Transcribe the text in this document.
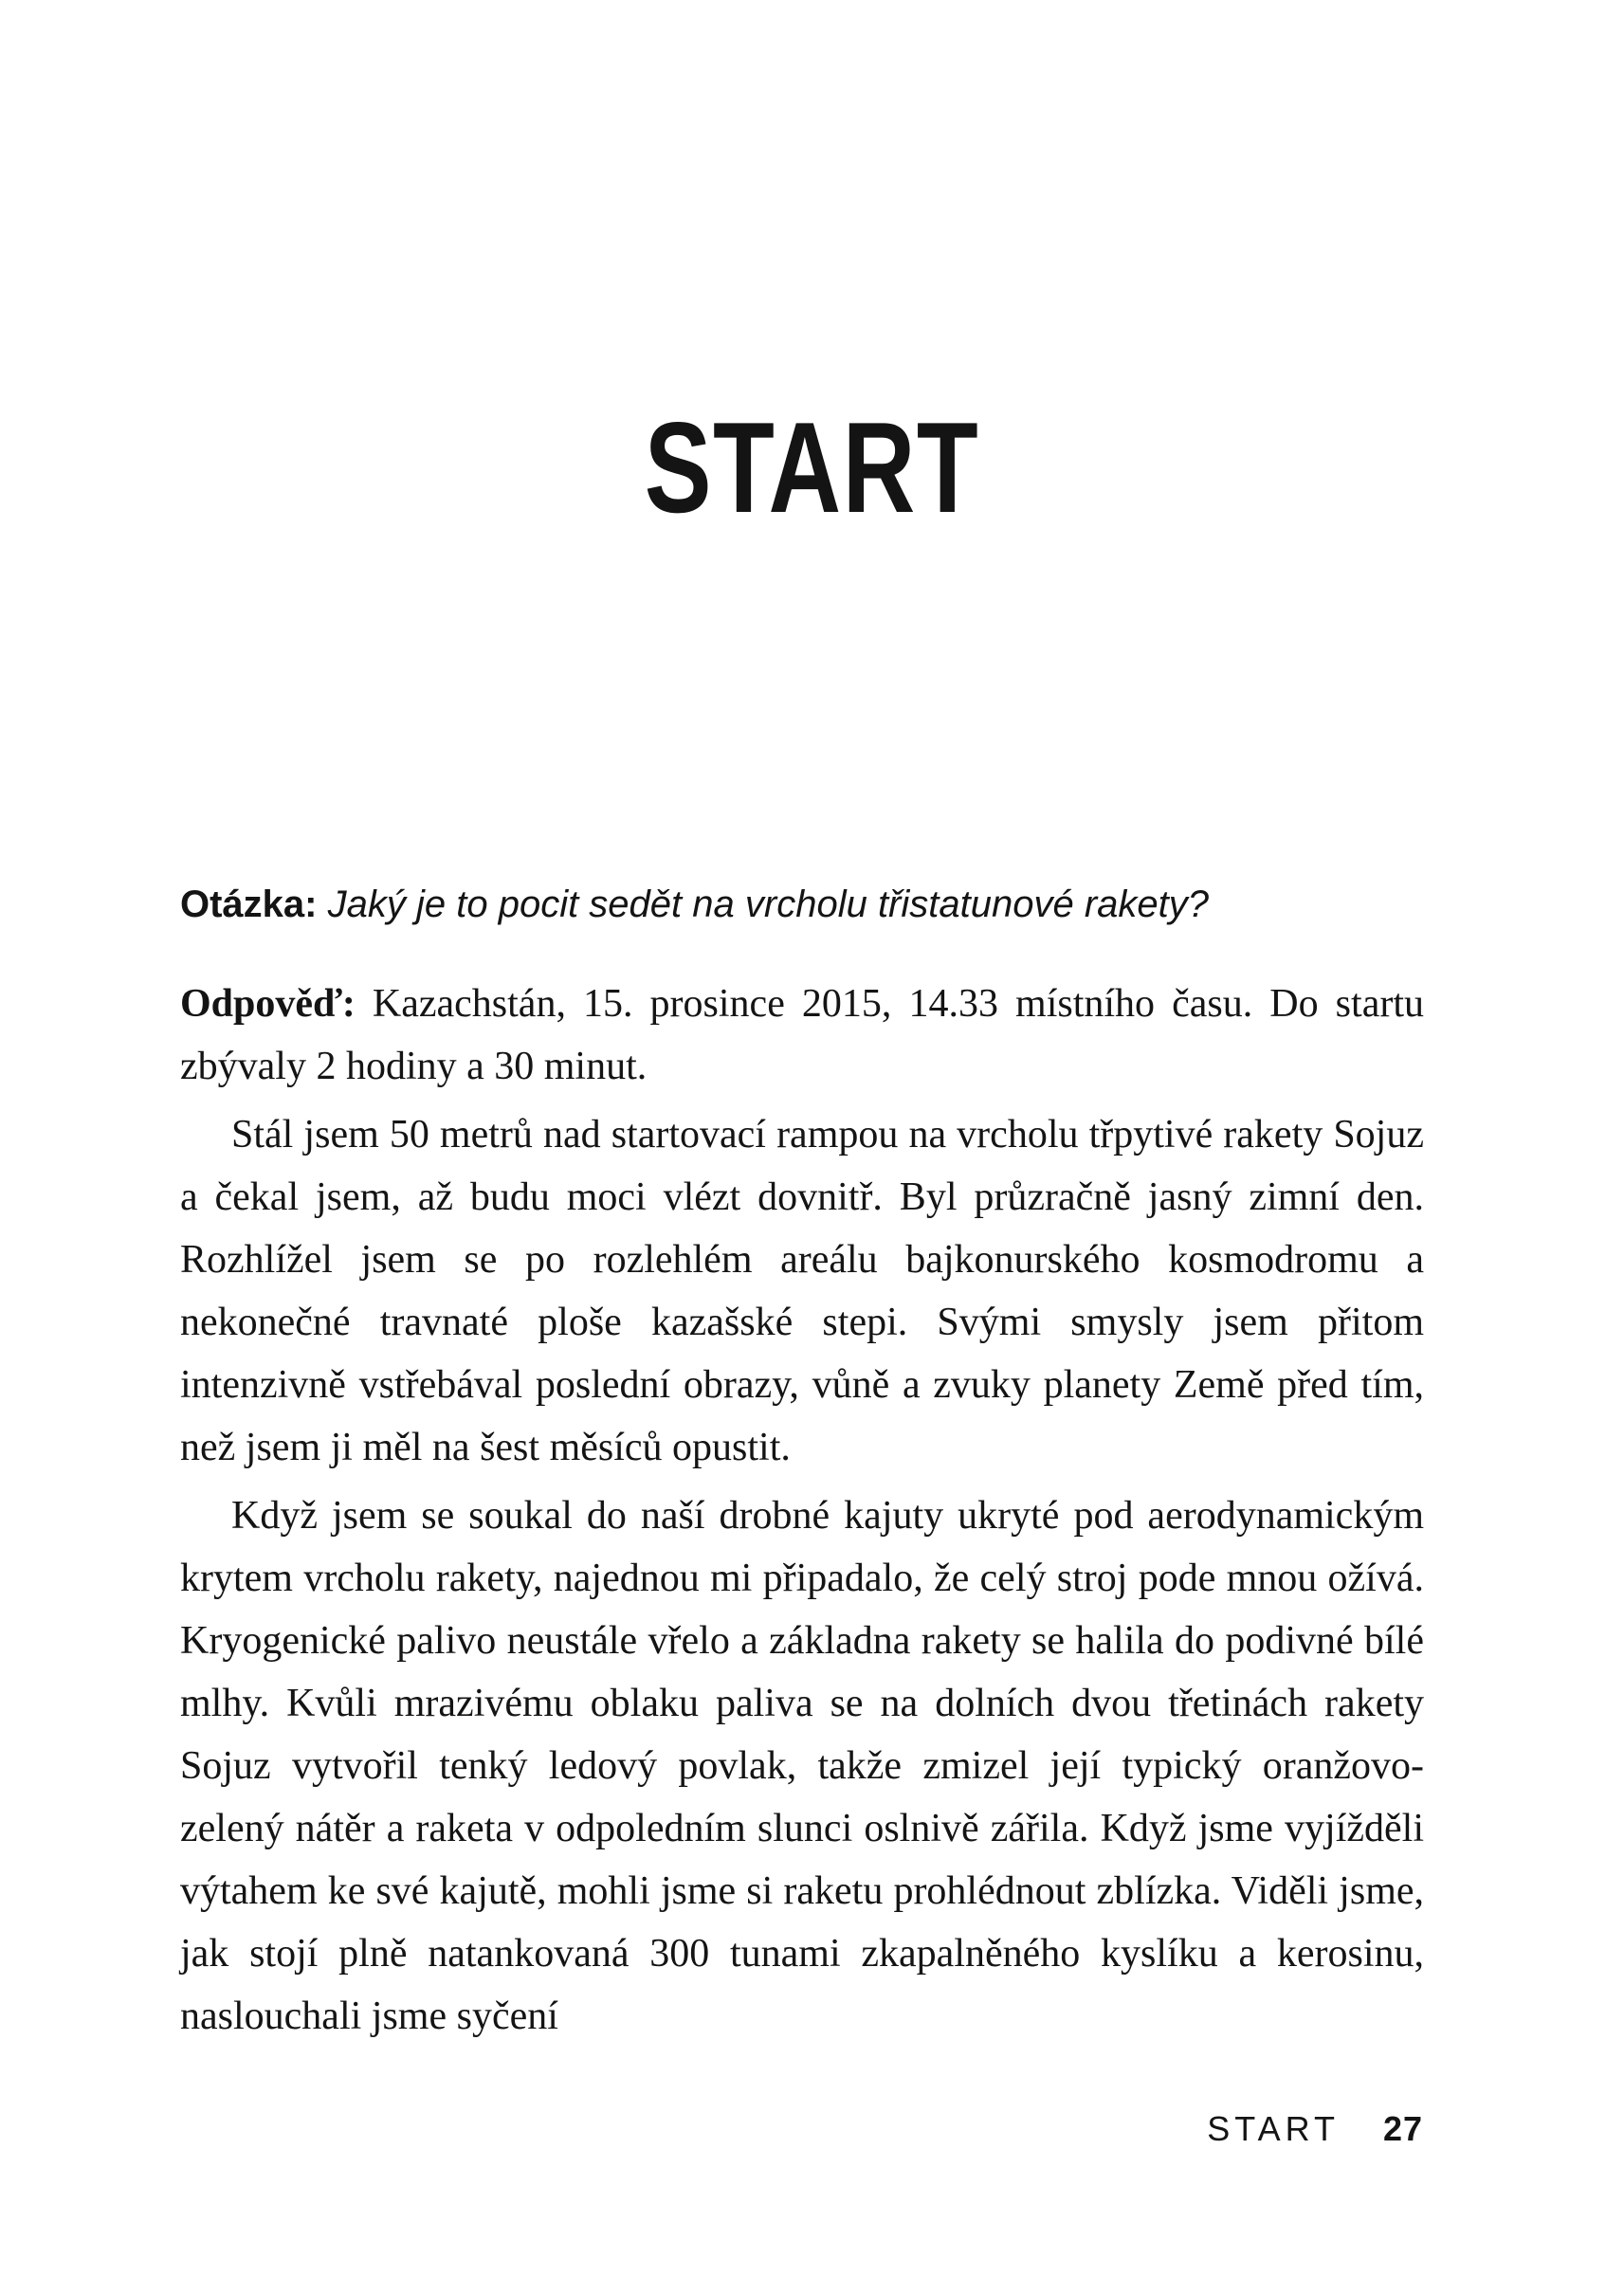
START
Otázka: Jaký je to pocit sedět na vrcholu třistatunové rakety?

Odpověď: Kazachstán, 15. prosince 2015, 14.33 místního času. Do startu zbývaly 2 hodiny a 30 minut.

Stál jsem 50 metrů nad startovací rampou na vrcholu třpytivé rakety Sojuz a čekal jsem, až budu moci vlézt dovnitř. Byl průzračně jasný zimní den. Rozhlížel jsem se po rozlehlém areálu bajkonurského kosmodromu a nekonečné travnaté ploše kazašské stepi. Svými smysly jsem přitom intenzivně vstřebával poslední obrazy, vůně a zvuky planety Země před tím, než jsem ji měl na šest měsíců opustit.

Když jsem se soukal do naší drobné kajuty ukryté pod aerodynamickým krytem vrcholu rakety, najednou mi připadalo, že celý stroj pode mnou ožívá. Kryogenické palivo neustále vřelo a základna rakety se halila do podivné bílé mlhy. Kvůli mrazivému oblaku paliva se na dolních dvou třetinách rakety Sojuz vytvořil tenký ledový povlak, takže zmizel její typický oranžovo-zelený nátěr a raketa v odpoledním slunci oslnivě zářila. Když jsme vyjížděli výtahem ke své kajutě, mohli jsme si raketu prohlédnout zblízka. Viděli jsme, jak stojí plně natankovaná 300 tunami zkapalněného kyslíku a kerosinu, naslouchali jsme syčení

START 27
